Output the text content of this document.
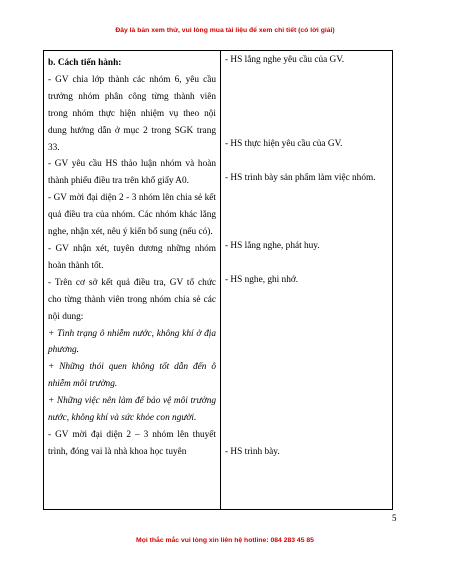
Đây là bản xem thử, vui lòng mua tài liệu để xem chi tiết (có lời giải)

b. Cách tiến hành:

- GV chia lớp thành các nhóm 6, yêu cầu trưởng nhóm phân công từng thành viên trong nhóm thực hiện nhiệm vụ theo nội dung hướng dẫn ở mục 2 trong SGK trang 33.

- GV yêu cầu HS thảo luận nhóm và hoàn thành phiếu điều tra trên khổ giấy A0.

- GV mời đại diện 2 - 3 nhóm lên chia sẻ kết quả điều tra của nhóm. Các nhóm khác lắng nghe, nhận xét, nêu ý kiến bổ sung (nếu có).

- GV nhận xét, tuyên dương những nhóm hoàn thành tốt.

- Trên cơ sở kết quả điều tra, GV tổ chức cho từng thành viên trong nhóm chia sẻ các nội dung:

+ Tình trạng ô nhiễm nước, không khí ở địa phương.

+ Những thói quen không tốt dẫn đến ô nhiễm môi trường.

+ Những việc nên làm để bảo vệ môi trường nước, không khí và sức khỏe con người.

- GV mời đại diện 2 – 3 nhóm lên thuyết trình, đóng vai là nhà khoa học tuyên

- HS lắng nghe yêu cầu của GV.
- HS thực hiện yêu cầu của GV.
- HS trình bày sản phẩm làm việc nhóm.
- HS lắng nghe, phát huy.
- HS nghe, ghi nhớ.
- HS trình bày.
5
Mọi thắc mắc vui lòng xin liên hệ hotline: 084 283 45 85
